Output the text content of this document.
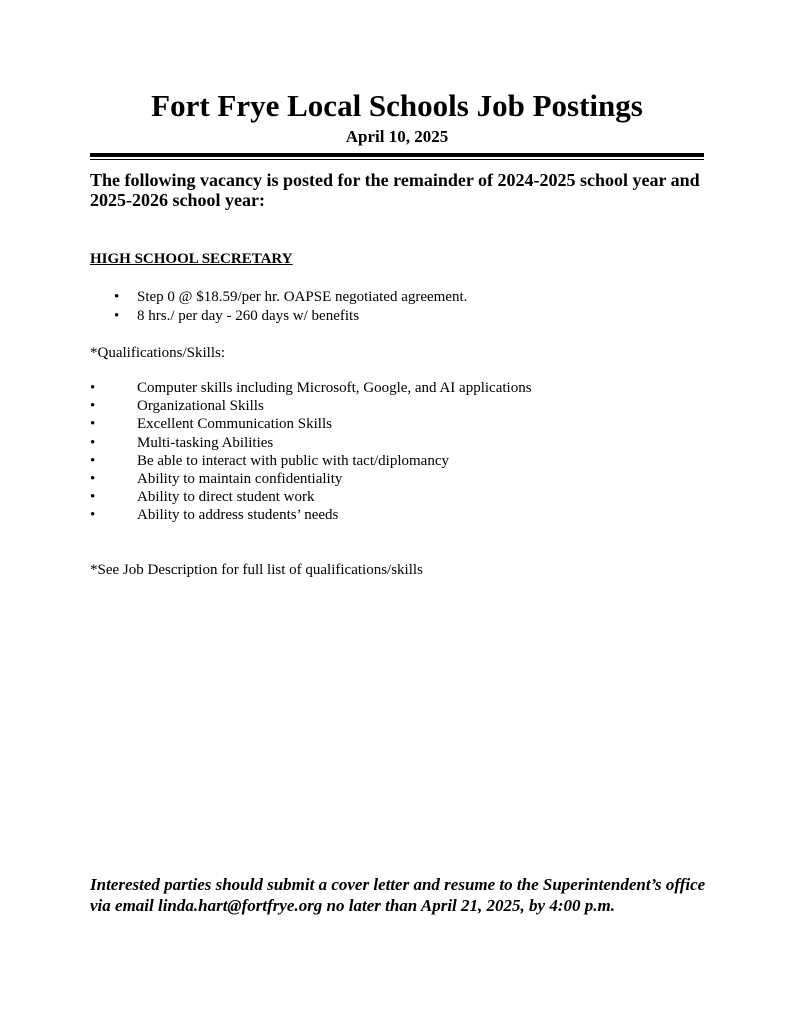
Fort Frye Local Schools Job Postings
April 10, 2025

The following vacancy is posted for the remainder of 2024-2025 school year and 2025-2026 school year:

HIGH SCHOOL SECRETARY
• Step 0 @ $18.59/per hr. OAPSE negotiated agreement.
• 8 hrs./ per day - 260 days w/ benefits
*Qualifications/Skills:
• Computer skills including Microsoft, Google, and AI applications
• Organizational Skills
• Excellent Communication Skills
• Multi-tasking Abilities
• Be able to interact with public with tact/diplomancy
• Ability to maintain confidentiality
• Ability to direct student work
• Ability to address students’ needs
*See Job Description for full list of qualifications/skills

Interested parties should submit a cover letter and resume to the Superintendent’s office via email linda.hart@fortfrye.org no later than April 21, 2025, by 4:00 p.m.
